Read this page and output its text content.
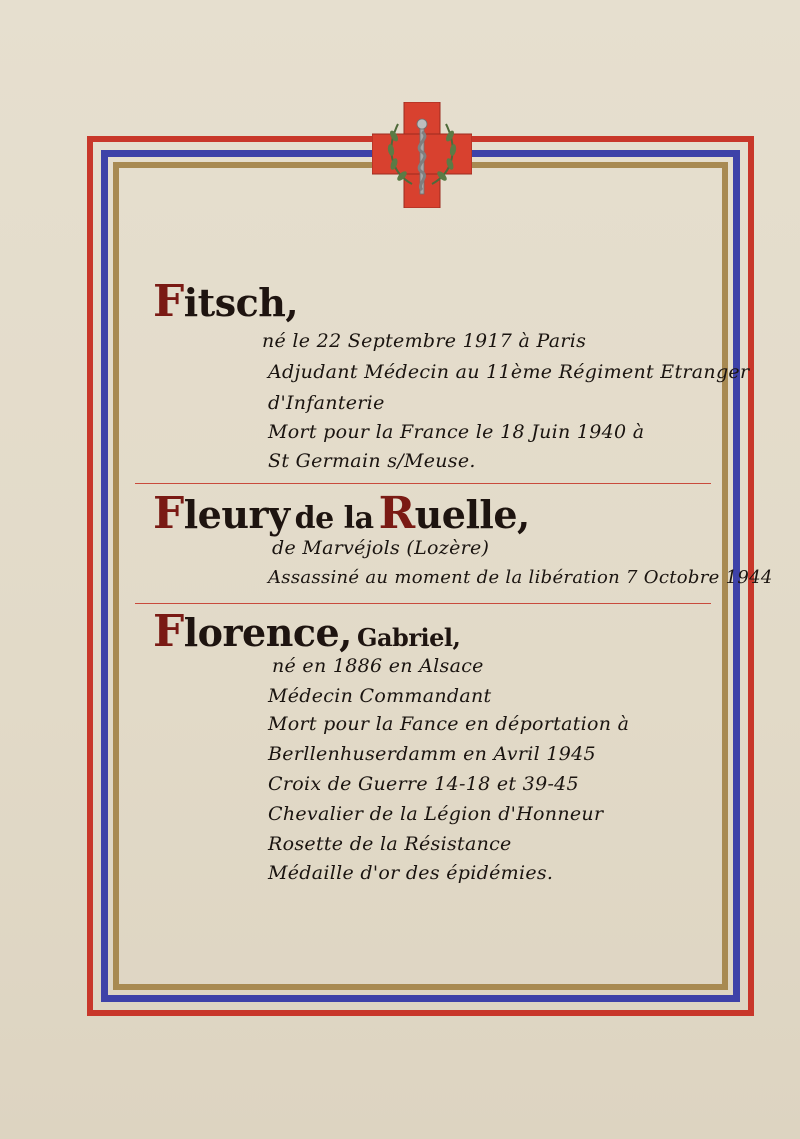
Fitsch,
né le 22 Septembre 1917 à Paris
Adjudant Médecin au 11ème Régiment Etranger
d'Infanterie
Mort pour la France le 18 Juin 1940 à
St Germain s/Meuse.
Fleury de la Ruelle,
de Marvéjols (Lozère)
Assassiné au moment de la libération 7 Octobre 1944
Florence, Gabriel,
né en 1886 en Alsace
Médecin Commandant
Mort pour la Fance en déportation à
Berllenhuserdamm en Avril 1945
Croix de Guerre 14-18 et 39-45
Chevalier de la Légion d'Honneur
Rosette de la Résistance
Médaille d'or des épidémies.
